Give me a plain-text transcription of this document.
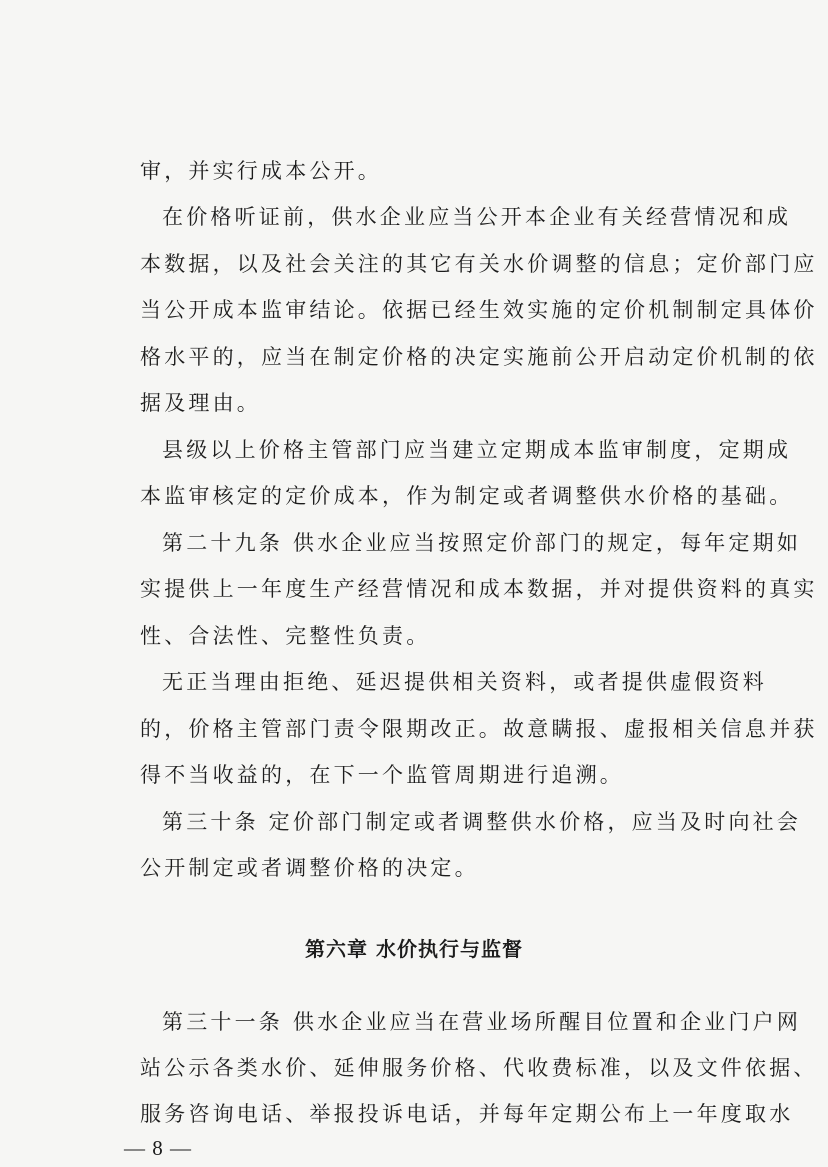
审，并实行成本公开。
在价格听证前，供水企业应当公开本企业有关经营情况和成
本数据，以及社会关注的其它有关水价调整的信息；定价部门应
当公开成本监审结论。依据已经生效实施的定价机制制定具体价
格水平的，应当在制定价格的决定实施前公开启动定价机制的依
据及理由。
县级以上价格主管部门应当建立定期成本监审制度，定期成
本监审核定的定价成本，作为制定或者调整供水价格的基础。
第二十九条 供水企业应当按照定价部门的规定，每年定期如
实提供上一年度生产经营情况和成本数据，并对提供资料的真实
性、合法性、完整性负责。
无正当理由拒绝、延迟提供相关资料，或者提供虚假资料
的，价格主管部门责令限期改正。故意瞒报、虚报相关信息并获
得不当收益的，在下一个监管周期进行追溯。
第三十条 定价部门制定或者调整供水价格，应当及时向社会
公开制定或者调整价格的决定。
第六章 水价执行与监督
第三十一条 供水企业应当在营业场所醒目位置和企业门户网
站公示各类水价、延伸服务价格、代收费标准，以及文件依据、
服务咨询电话、举报投诉电话，并每年定期公布上一年度取水
— 8 —
